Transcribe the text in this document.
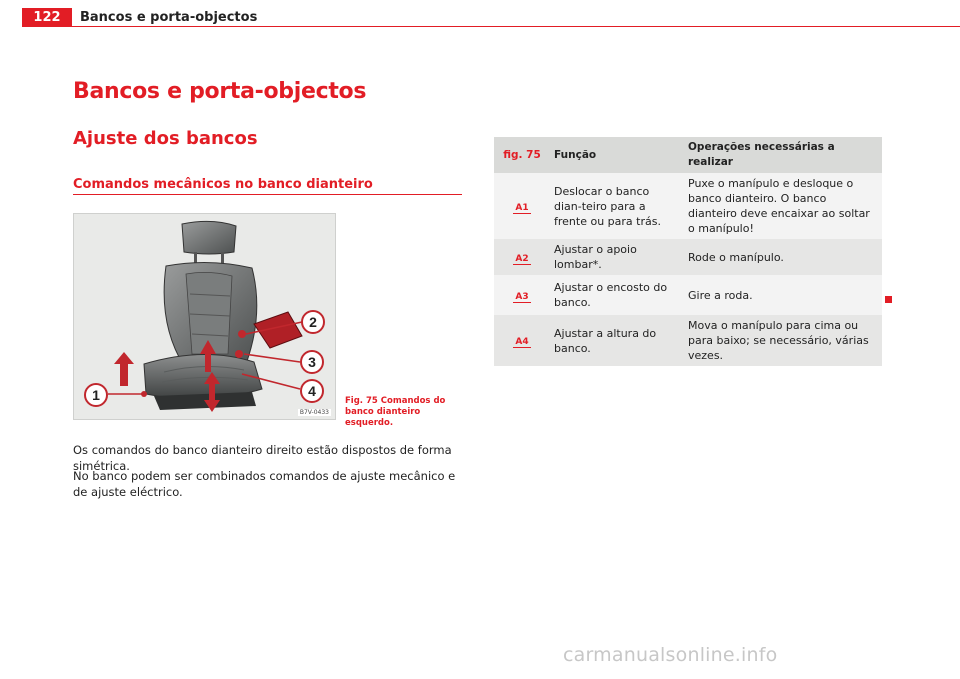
122	Bancos e porta-objectos
Bancos e porta-objectos
Ajuste dos bancos
Comandos mecânicos no banco dianteiro
1
2
3
4
B7V-0433
Fig. 75 Comandos do banco dianteiro esquerdo.
Os comandos do banco dianteiro direito estão dispostos de forma simétrica.
No banco podem ser combinados comandos de ajuste mecânico e de ajuste eléctrico.
fig. 75	Função	Operações necessárias a realizar
A1	Deslocar o banco dian-teiro para a frente ou para trás.	Puxe o manípulo e desloque o banco dianteiro. O banco dianteiro deve encaixar ao soltar o manípulo!
A2	Ajustar o apoio lombar*.	Rode o manípulo.
A3	Ajustar o encosto do banco.	Gire a roda.
A4	Ajustar a altura do banco.	Mova o manípulo para cima ou para baixo; se necessário, várias vezes.
carmanualsonline.info
